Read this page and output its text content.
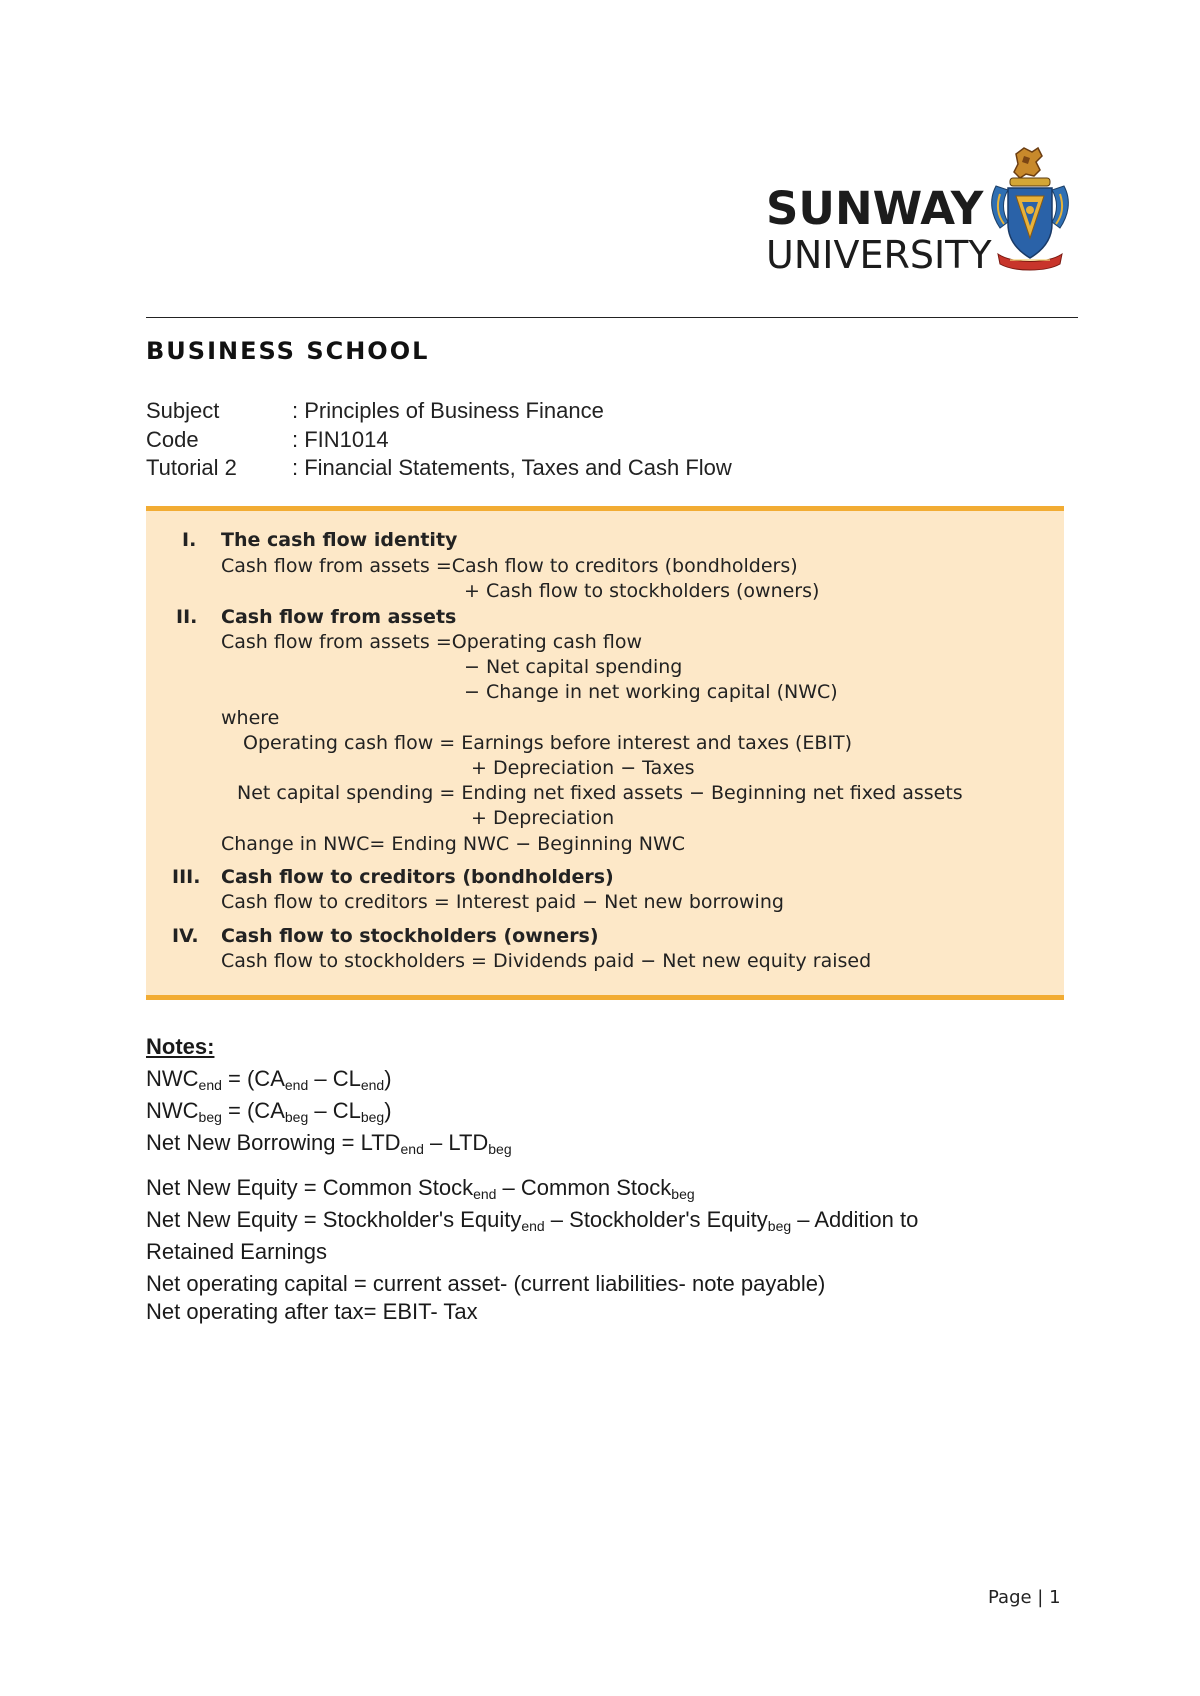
SUNWAY
UNIVERSITY
BUSINESS SCHOOL
Subject	: Principles of Business Finance
Code	: FIN1014
Tutorial 2	: Financial Statements, Taxes and Cash Flow
I. The cash flow identity
Cash flow from assets =Cash flow to creditors (bondholders)
+ Cash flow to stockholders (owners)
II. Cash flow from assets
Cash flow from assets =Operating cash flow
− Net capital spending
− Change in net working capital (NWC)
where
Operating cash flow = Earnings before interest and taxes (EBIT)
+ Depreciation − Taxes
Net capital spending = Ending net fixed assets − Beginning net fixed assets
+ Depreciation
Change in NWC= Ending NWC − Beginning NWC
III. Cash flow to creditors (bondholders)
Cash flow to creditors = Interest paid − Net new borrowing
IV. Cash flow to stockholders (owners)
Cash flow to stockholders = Dividends paid − Net new equity raised
Notes:
$NWC_{end} = (CA_{end} - CL_{end})$
$NWC_{beg} = (CA_{beg} - CL_{beg})$
Net New Borrowing = $LTD_{end} - LTD_{beg}$
Net New Equity = Common Stock$_{end}$ – Common Stock$_{beg}$
Net New Equity = Stockholder's Equity$_{end}$ – Stockholder's Equity$_{beg}$ – Addition to
Retained Earnings
Net operating capital = current asset- (current liabilities- note payable)
Net operating after tax= EBIT- Tax
Page | 1
